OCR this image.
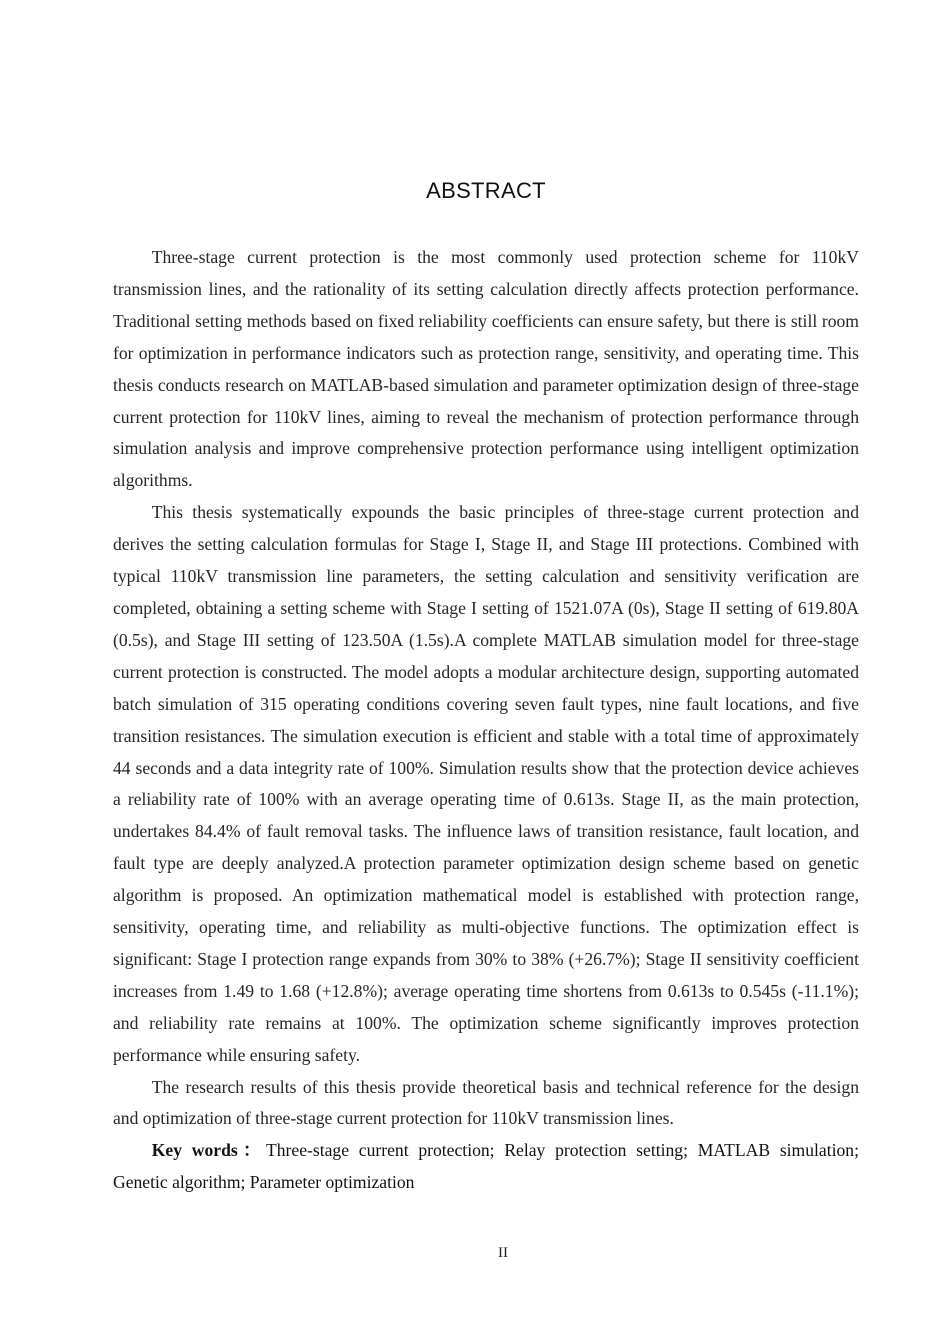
ABSTRACT

Three-stage current protection is the most commonly used protection scheme for 110kV transmission lines, and the rationality of its setting calculation directly affects protection performance. Traditional setting methods based on fixed reliability coefficients can ensure safety, but there is still room for optimization in performance indicators such as protection range, sensitivity, and operating time. This thesis conducts research on MATLAB-based simulation and parameter optimization design of three-stage current protection for 110kV lines, aiming to reveal the mechanism of protection performance through simulation analysis and improve comprehensive protection performance using intelligent optimization algorithms.

This thesis systematically expounds the basic principles of three-stage current protection and derives the setting calculation formulas for Stage I, Stage II, and Stage III protections. Combined with typical 110kV transmission line parameters, the setting calculation and sensitivity verification are completed, obtaining a setting scheme with Stage I setting of 1521.07A (0s), Stage II setting of 619.80A (0.5s), and Stage III setting of 123.50A (1.5s).A complete MATLAB simulation model for three-stage current protection is constructed. The model adopts a modular architecture design, supporting automated batch simulation of 315 operating conditions covering seven fault types, nine fault locations, and five transition resistances. The simulation execution is efficient and stable with a total time of approximately 44 seconds and a data integrity rate of 100%. Simulation results show that the protection device achieves a reliability rate of 100% with an average operating time of 0.613s. Stage II, as the main protection, undertakes 84.4% of fault removal tasks. The influence laws of transition resistance, fault location, and fault type are deeply analyzed.A protection parameter optimization design scheme based on genetic algorithm is proposed. An optimization mathematical model is established with protection range, sensitivity, operating time, and reliability as multi-objective functions. The optimization effect is significant: Stage I protection range expands from 30% to 38% (+26.7%); Stage II sensitivity coefficient increases from 1.49 to 1.68 (+12.8%); average operating time shortens from 0.613s to 0.545s (-11.1%); and reliability rate remains at 100%. The optimization scheme significantly improves protection performance while ensuring safety.

The research results of this thesis provide theoretical basis and technical reference for the design and optimization of three-stage current protection for 110kV transmission lines.

Key words：Three-stage current protection; Relay protection setting; MATLAB simulation; Genetic algorithm; Parameter optimization

II
